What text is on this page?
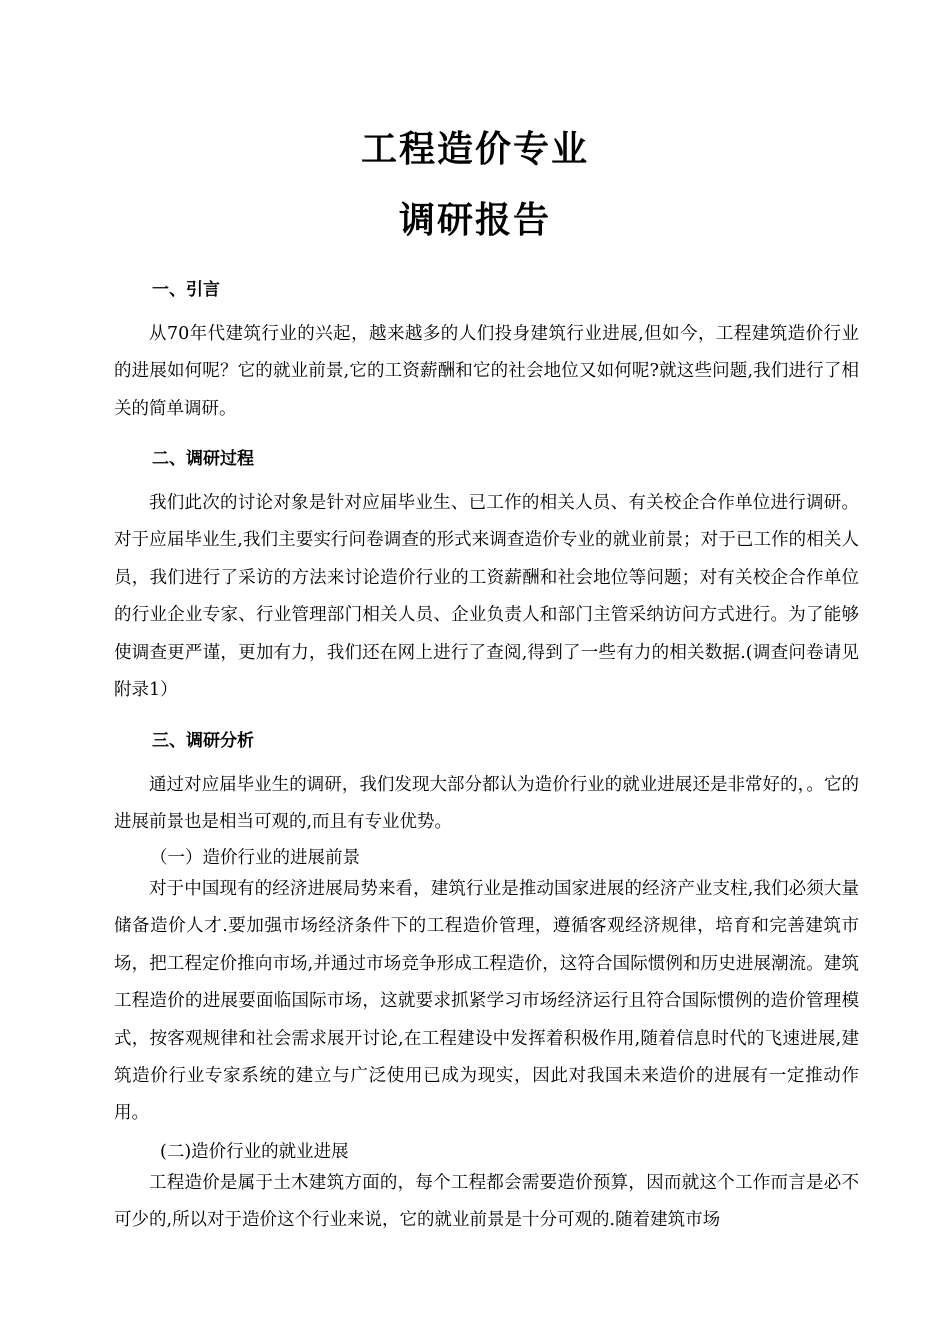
工程造价专业
调研报告
一、引言

从70年代建筑行业的兴起，越来越多的人们投身建筑行业进展,但如今，工程建筑造价行业的进展如何呢？它的就业前景,它的工资薪酬和它的社会地位又如何呢?就这些问题,我们进行了相关的简单调研。

二、调研过程

我们此次的讨论对象是针对应届毕业生、已工作的相关人员、有关校企合作单位进行调研。对于应届毕业生,我们主要实行问卷调查的形式来调查造价专业的就业前景；对于已工作的相关人员，我们进行了采访的方法来讨论造价行业的工资薪酬和社会地位等问题；对有关校企合作单位的行业企业专家、行业管理部门相关人员、企业负责人和部门主管采纳访问方式进行。为了能够使调查更严谨，更加有力，我们还在网上进行了查阅,得到了一些有力的相关数据.(调查问卷请见附录1）

三、调研分析

通过对应届毕业生的调研，我们发现大部分都认为造价行业的就业进展还是非常好的，。它的进展前景也是相当可观的,而且有专业优势。

（一）造价行业的进展前景

对于中国现有的经济进展局势来看，建筑行业是推动国家进展的经济产业支柱,我们必须大量储备造价人才.要加强市场经济条件下的工程造价管理，遵循客观经济规律，培育和完善建筑市场，把工程定价推向市场,并通过市场竞争形成工程造价，这符合国际惯例和历史进展潮流。建筑工程造价的进展要面临国际市场，这就要求抓紧学习市场经济运行且符合国际惯例的造价管理模式，按客观规律和社会需求展开讨论,在工程建设中发挥着积极作用,随着信息时代的飞速进展,建筑造价行业专家系统的建立与广泛使用已成为现实，因此对我国未来造价的进展有一定推动作用。

(二)造价行业的就业进展

工程造价是属于土木建筑方面的，每个工程都会需要造价预算，因而就这个工作而言是必不可少的,所以对于造价这个行业来说，它的就业前景是十分可观的.随着建筑市场
